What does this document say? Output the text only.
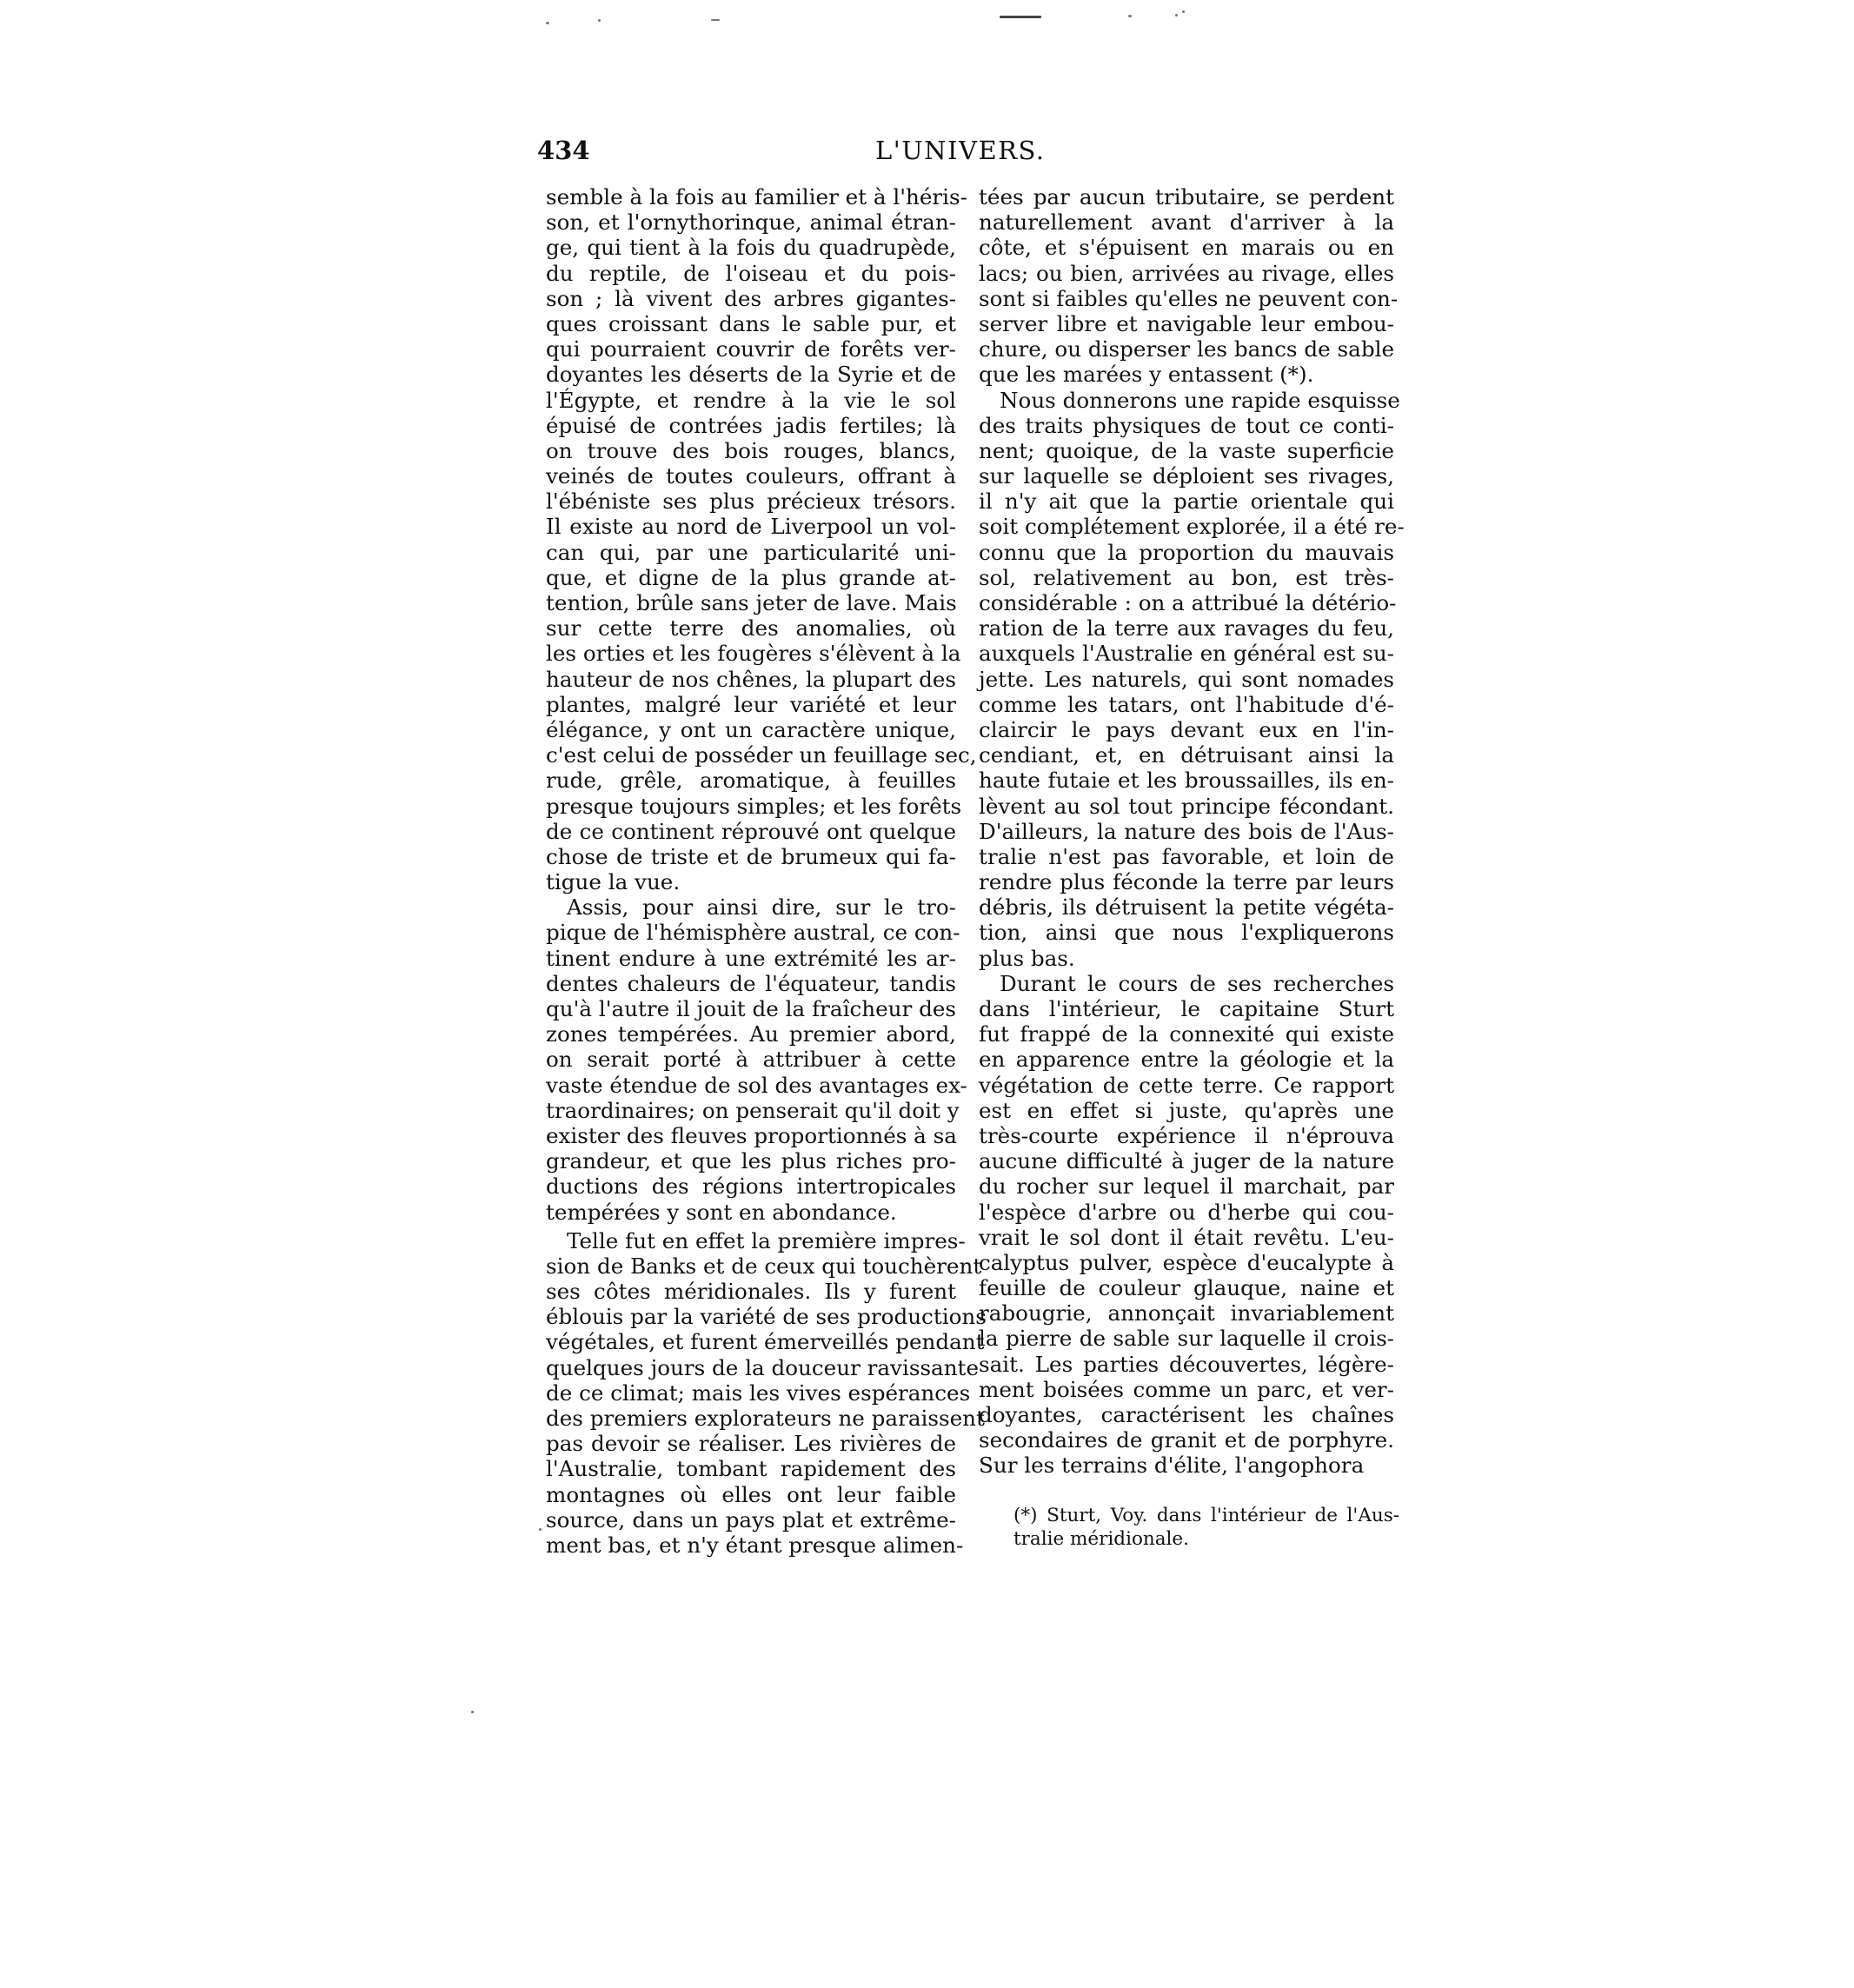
434	L'UNIVERS.
semble à la fois au familier et à l'héris-
son, et l'ornythorinque, animal étran-
ge, qui tient à la fois du quadrupède,
du reptile, de l'oiseau et du pois-
son ; là vivent des arbres gigantes-
ques croissant dans le sable pur, et
qui pourraient couvrir de forêts ver-
doyantes les déserts de la Syrie et de
l'Égypte, et rendre à la vie le sol
épuisé de contrées jadis fertiles; là
on trouve des bois rouges, blancs,
veinés de toutes couleurs, offrant à
l'ébéniste ses plus précieux trésors.
Il existe au nord de Liverpool un vol-
can qui, par une particularité uni-
que, et digne de la plus grande at-
tention, brûle sans jeter de lave. Mais
sur cette terre des anomalies, où
les orties et les fougères s'élèvent à la
hauteur de nos chênes, la plupart des
plantes, malgré leur variété et leur
élégance, y ont un caractère unique,
c'est celui de posséder un feuillage sec,
rude, grêle, aromatique, à feuilles
presque toujours simples; et les forêts
de ce continent réprouvé ont quelque
chose de triste et de brumeux qui fa-
tigue la vue.
Assis, pour ainsi dire, sur le tro-
pique de l'hémisphère austral, ce con-
tinent endure à une extrémité les ar-
dentes chaleurs de l'équateur, tandis
qu'à l'autre il jouit de la fraîcheur des
zones tempérées. Au premier abord,
on serait porté à attribuer à cette
vaste étendue de sol des avantages ex-
traordinaires; on penserait qu'il doit y
exister des fleuves proportionnés à sa
grandeur, et que les plus riches pro-
ductions des régions intertropicales
tempérées y sont en abondance.
Telle fut en effet la première impres-
sion de Banks et de ceux qui touchèrent
ses côtes méridionales. Ils y furent
éblouis par la variété de ses productions
végétales, et furent émerveillés pendant
quelques jours de la douceur ravissante
de ce climat; mais les vives espérances
des premiers explorateurs ne paraissent
pas devoir se réaliser. Les rivières de
l'Australie, tombant rapidement des
montagnes où elles ont leur faible
source, dans un pays plat et extrême-
ment bas, et n'y étant presque alimen-
tées par aucun tributaire, se perdent
naturellement avant d'arriver à la
côte, et s'épuisent en marais ou en
lacs; ou bien, arrivées au rivage, elles
sont si faibles qu'elles ne peuvent con-
server libre et navigable leur embou-
chure, ou disperser les bancs de sable
que les marées y entassent (*).
Nous donnerons une rapide esquisse
des traits physiques de tout ce conti-
nent; quoique, de la vaste superficie
sur laquelle se déploient ses rivages,
il n'y ait que la partie orientale qui
soit complétement explorée, il a été re-
connu que la proportion du mauvais
sol, relativement au bon, est très-
considérable : on a attribué la détério-
ration de la terre aux ravages du feu,
auxquels l'Australie en général est su-
jette. Les naturels, qui sont nomades
comme les tatars, ont l'habitude d'é-
claircir le pays devant eux en l'in-
cendiant, et, en détruisant ainsi la
haute futaie et les broussailles, ils en-
lèvent au sol tout principe fécondant.
D'ailleurs, la nature des bois de l'Aus-
tralie n'est pas favorable, et loin de
rendre plus féconde la terre par leurs
débris, ils détruisent la petite végéta-
tion, ainsi que nous l'expliquerons
plus bas.
Durant le cours de ses recherches
dans l'intérieur, le capitaine Sturt
fut frappé de la connexité qui existe
en apparence entre la géologie et la
végétation de cette terre. Ce rapport
est en effet si juste, qu'après une
très-courte expérience il n'éprouva
aucune difficulté à juger de la nature
du rocher sur lequel il marchait, par
l'espèce d'arbre ou d'herbe qui cou-
vrait le sol dont il était revêtu. L'eu-
calyptus pulver, espèce d'eucalypte à
feuille de couleur glauque, naine et
rabougrie, annonçait invariablement
la pierre de sable sur laquelle il crois-
sait. Les parties découvertes, légère-
ment boisées comme un parc, et ver-
doyantes, caractérisent les chaînes
secondaires de granit et de porphyre.
Sur les terrains d'élite, l'angophora
(*) Sturt, Voy. dans l'intérieur de l'Aus-
tralie méridionale.
